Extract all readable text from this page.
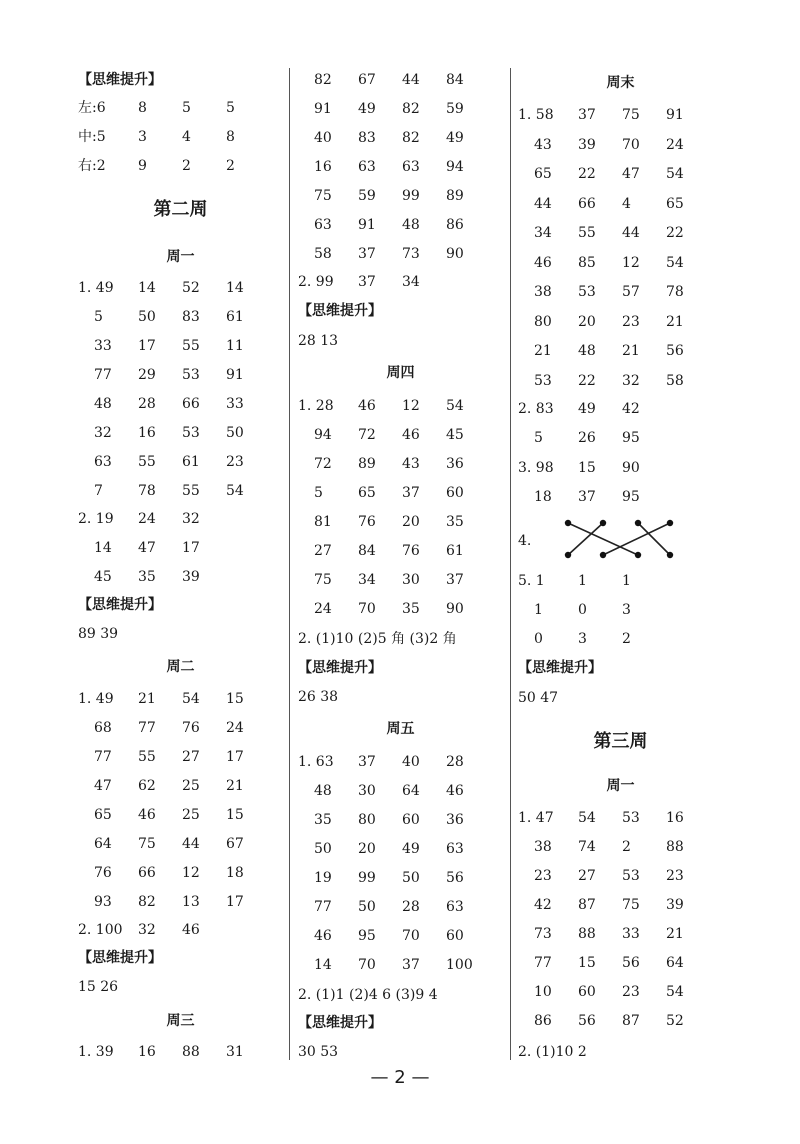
【思维提升】
左:6 8	5	5
中:5 3	4	8
右:2 9	2	2
第二周
周一
1. 49 14 52 14
5	50 83 61
33 17 55 11
77 29 53 91
48 28 66 33
32 16 53 50
63 55 61 23
7	78 55 54
2. 19 24 32
14 47 17
45 35 39
【思维提升】
89 39
周二
1. 49 21 54 15
68 77 76 24
77 55 27 17
47 62 25 21
65 46 25 15
64 75 44 67
76 66 12 18
93 82 13 17
2. 100 32 46
【思维提升】
15 26
周三
1. 39 16 88 31
82 67 44 84
91 49 82 59
40 83 82 49
16 63 63 94
75 59 99 89
63 91 48 86
58 37 73 90
2. 99 37 34
【思维提升】
28 13
周四
1. 28 46 12 54
94 72 46 45
72 89 43 36
5	65 37 60
81 76 20 35
27 84 76 61
75 34 30 37
24 70 35 90
2. (1)10 (2)5 角 (3)2 角
【思维提升】
26 38
周五
1. 63 37 40 28
48 30 64 46
35 80 60 36
50 20 49 63
19 99 50 56
77 50 28 63
46 95 70 60
14 70 37 100
2. (1)1 (2)4 6 (3)9 4
【思维提升】
30 53
周末
1. 58 37 75 91
43 39 70 24
65 22 47 54
44 66 4	65
34 55 44 22
46 85 12 54
38 53 57 78
80 20 23 21
21 48 21 56
53 22 32 58
2. 83 49 42
5	26 95
3. 98 15 90
18 37 95
4.
5. 1 1	1
1	0	3
0	3	2
【思维提升】
50 47
第三周
周一
1. 47 54 53 16
38 74 2	88
23 27 53 23
42 87 75 39
73 88 33 21
77 15 56 64
10 60 23 54
86 56 87 52
2. (1)10 2
— 2 —
